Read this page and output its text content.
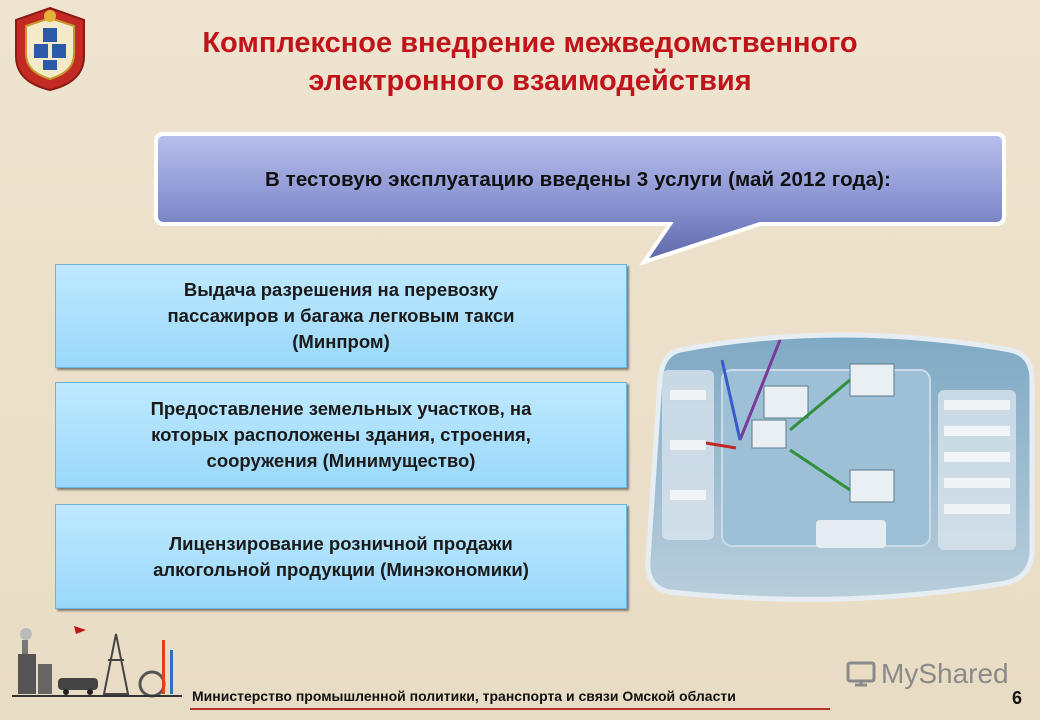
Комплексное внедрение межведомственного
электронного взаимодействия
В тестовую эксплуатацию введены 3 услуги (май 2012 года):
Выдача разрешения на перевозку
пассажиров и багажа легковым такси
(Минпром)
Предоставление земельных участков, на
которых расположены здания, строения,
сооружения (Минимущество)
Лицензирование розничной продажи
алкогольной продукции (Минэкономики)
Министерство промышленной политики, транспорта и связи Омской области	6
MyShared
